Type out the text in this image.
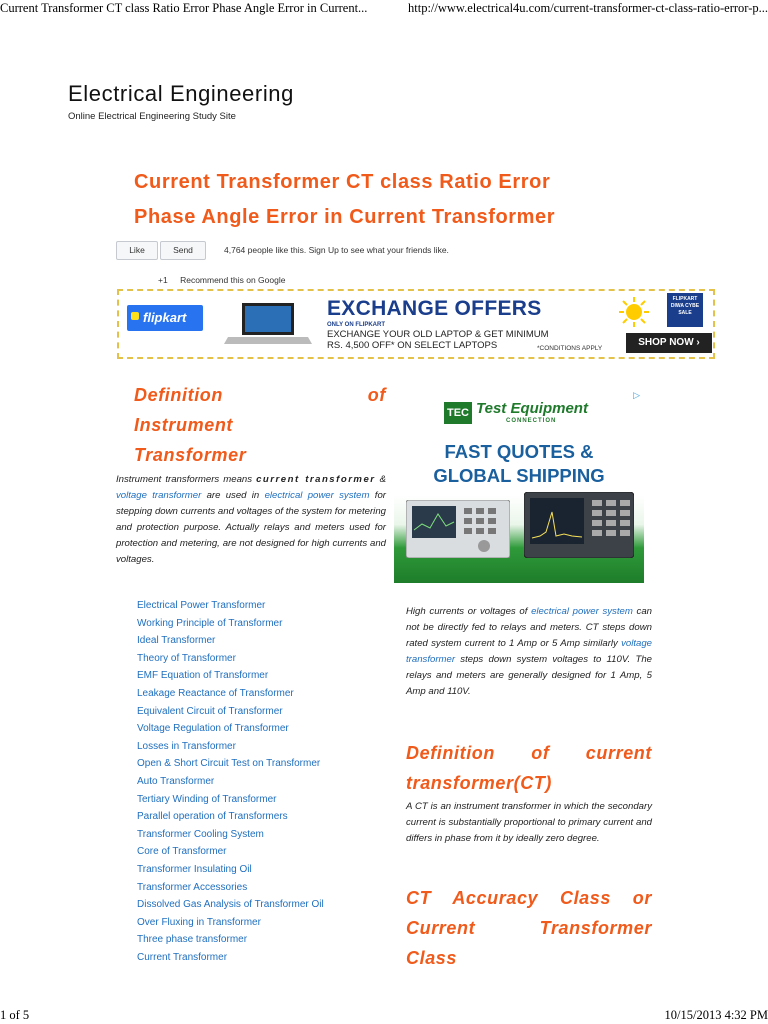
Current Transformer CT class Ratio Error Phase Angle Error in Current...	http://www.electrical4u.com/current-transformer-ct-class-ratio-error-p...
Electrical Engineering
Online Electrical Engineering Study Site
Current Transformer CT class Ratio Error
Phase Angle Error in Current Transformer
Like	Send	4,764 people like this. Sign Up to see what your friends like.
+1 Recommend this on Google
flipkart	EXCHANGE OFFERS
ONLY ON FLIPKART
EXCHANGE YOUR OLD LAPTOP & GET MINIMUM
RS. 4,500 OFF* ON SELECT LAPTOPS	*CONDITIONS APPLY
FLIPKART DIWA CYBE SALE
SHOP NOW ›
Definition	of
Instrument
Transformer

Instrument transformers means current transformer & voltage transformer are used in electrical power system for stepping down currents and voltages of the system for metering and protection purpose. Actually relays and meters used for protection and metering, are not designed for high currents and voltages.

Electrical Power Transformer
Working Principle of Transformer
Ideal Transformer
Theory of Transformer
EMF Equation of Transformer
Leakage Reactance of Transformer
Equivalent Circuit of Transformer
Voltage Regulation of Transformer
Losses in Transformer
Open & Short Circuit Test on Transformer
Auto Transformer
Tertiary Winding of Transformer
Parallel operation of Transformers
Transformer Cooling System
Core of Transformer
Transformer Insulating Oil
Transformer Accessories
Dissolved Gas Analysis of Transformer Oil
Over Fluxing in Transformer
Three phase transformer
Current Transformer
▷
TEC Test Equipment
CONNECTION
FAST QUOTES &
GLOBAL SHIPPING

High currents or voltages of electrical power system can not be directly fed to relays and meters. CT steps down rated system current to 1 Amp or 5 Amp similarly voltage transformer steps down system voltages to 110V. The relays and meters are generally designed for 1 Amp, 5 Amp and 110V.

Definition of current
transformer(CT)

A CT is an instrument transformer in which the secondary current is substantially proportional to primary current and differs in phase from it by ideally zero degree.

CT Accuracy Class or
Current Transformer
Class
1 of 5	10/15/2013 4:32 PM
